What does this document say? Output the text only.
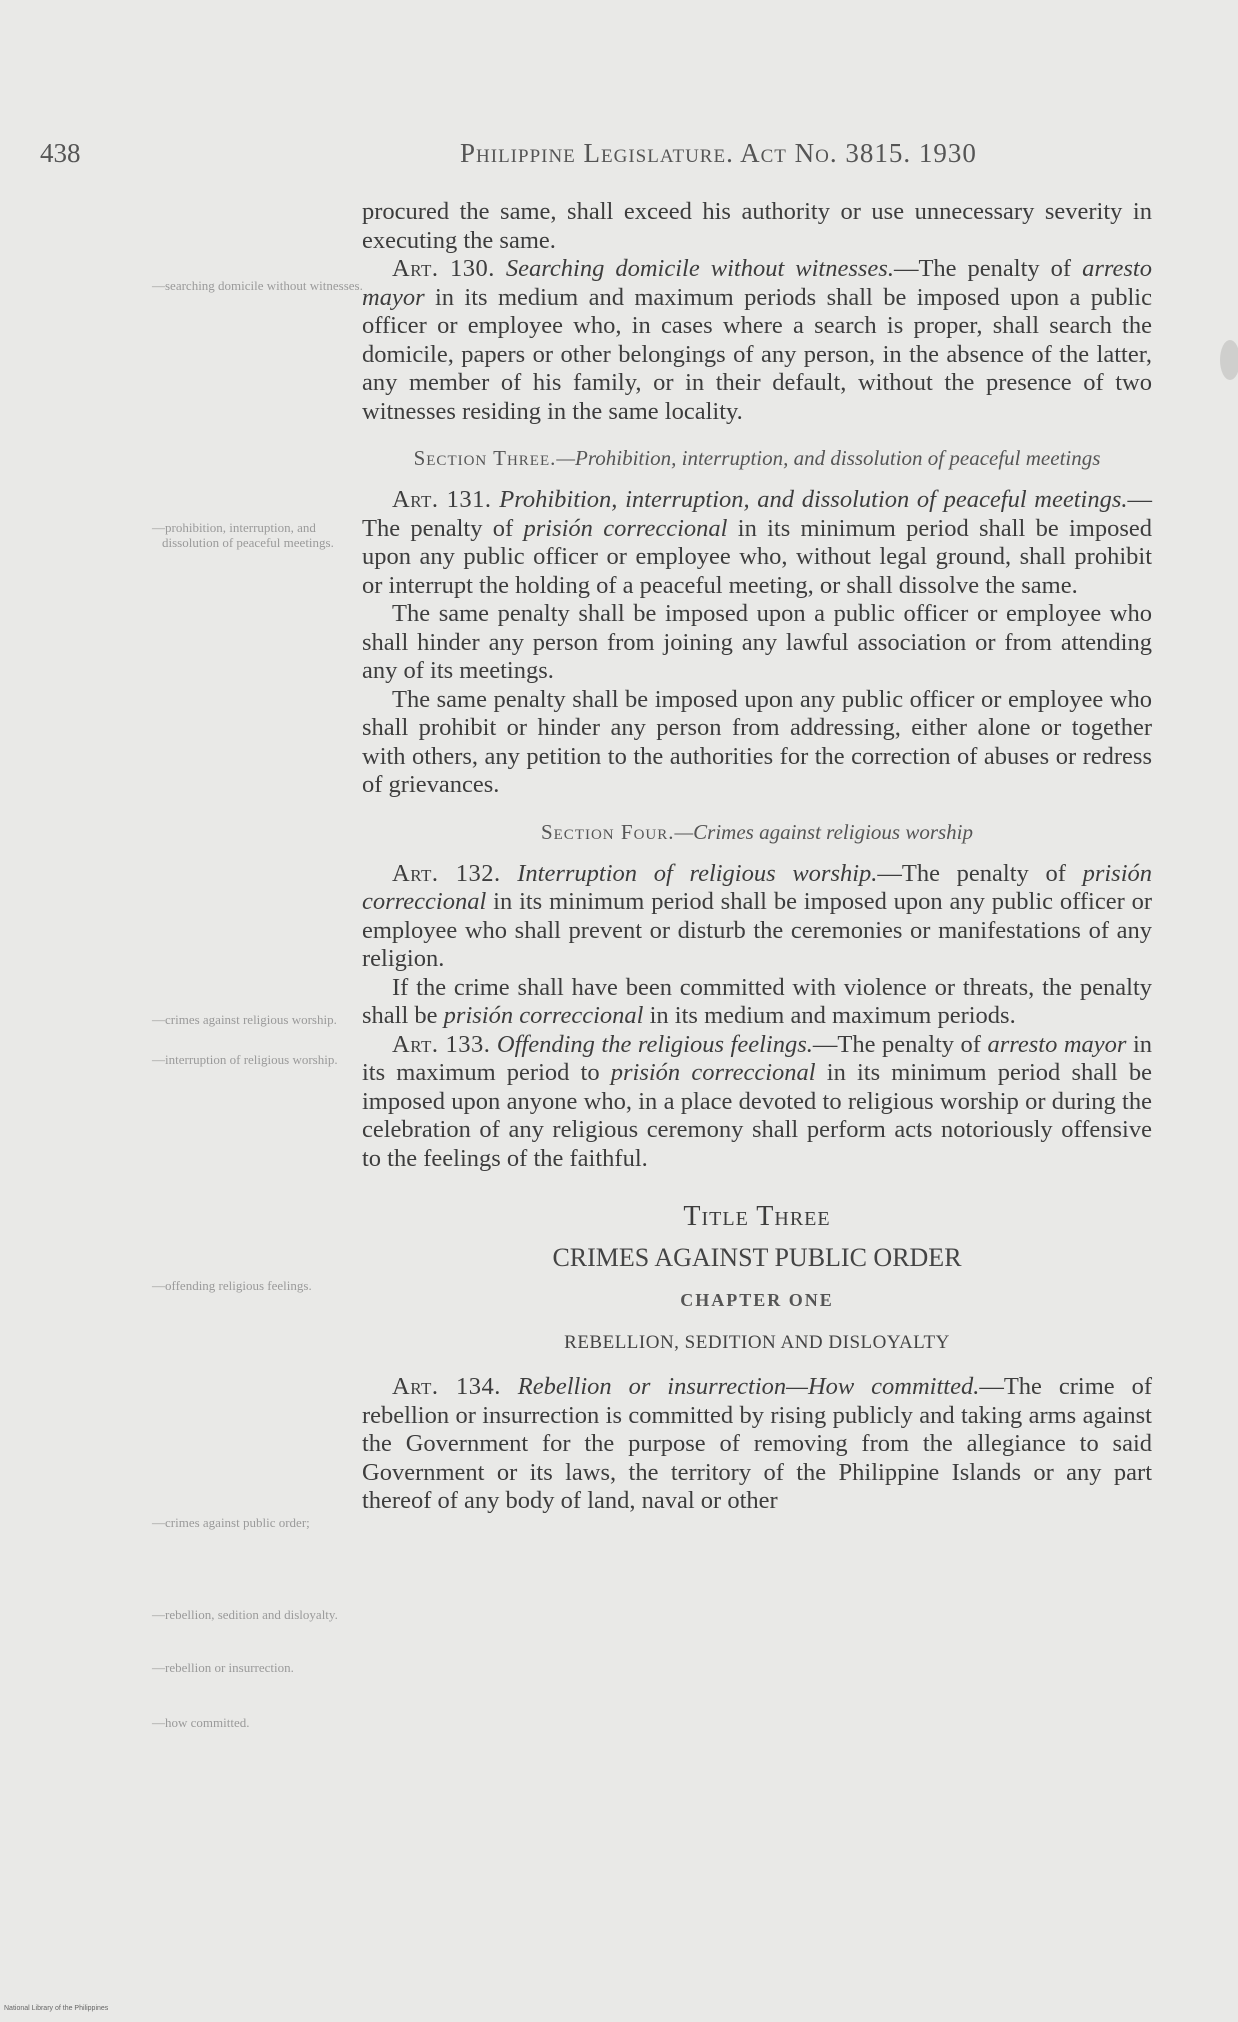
438	Philippine Legislature. Act No. 3815. 1930
—searching domicile without witnesses.
—prohibition, interruption, and dissolution of peaceful meetings.
—crimes against religious worship.
—interruption of religious worship.
—offending religious feelings.
—crimes against public order;
—rebellion, sedition and disloyalty.
—rebellion or insurrection.
—how committed.

procured the same, shall exceed his authority or use unnecessary severity in executing the same.

Art. 130. Searching domicile without witnesses.—The penalty of arresto mayor in its medium and maximum periods shall be imposed upon a public officer or employee who, in cases where a search is proper, shall search the domicile, papers or other belongings of any person, in the absence of the latter, any member of his family, or in their default, without the presence of two witnesses residing in the same locality.

Section Three.—Prohibition, interruption, and dissolution of peaceful meetings

Art. 131. Prohibition, interruption, and dissolution of peaceful meetings.—The penalty of prisión correccional in its minimum period shall be imposed upon any public officer or employee who, without legal ground, shall prohibit or interrupt the holding of a peaceful meeting, or shall dissolve the same.

The same penalty shall be imposed upon a public officer or employee who shall hinder any person from joining any lawful association or from attending any of its meetings.

The same penalty shall be imposed upon any public officer or employee who shall prohibit or hinder any person from addressing, either alone or together with others, any petition to the authorities for the correction of abuses or redress of grievances.

Section Four.—Crimes against religious worship

Art. 132. Interruption of religious worship.—The penalty of prisión correccional in its minimum period shall be imposed upon any public officer or employee who shall prevent or disturb the ceremonies or manifestations of any religion.

If the crime shall have been committed with violence or threats, the penalty shall be prisión correccional in its medium and maximum periods.

Art. 133. Offending the religious feelings.—The penalty of arresto mayor in its maximum period to prisión correccional in its minimum period shall be imposed upon anyone who, in a place devoted to religious worship or during the celebration of any religious ceremony shall perform acts notoriously offensive to the feelings of the faithful.

Title Three
CRIMES AGAINST PUBLIC ORDER
CHAPTER ONE
REBELLION, SEDITION AND DISLOYALTY

Art. 134. Rebellion or insurrection—How committed.—The crime of rebellion or insurrection is committed by rising publicly and taking arms against the Government for the purpose of removing from the allegiance to said Government or its laws, the territory of the Philippine Islands or any part thereof of any body of land, naval or other

National Library of the Philippines
